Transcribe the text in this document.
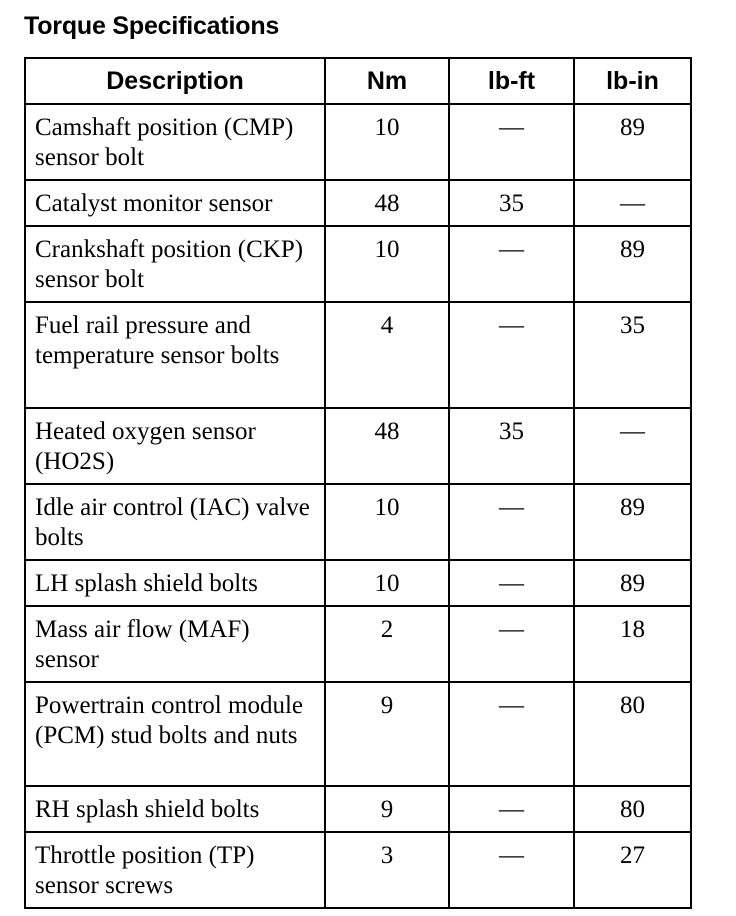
Torque Specifications
Description	Nm	lb-ft	lb-in
Camshaft position (CMP) sensor bolt	10	—	89
Catalyst monitor sensor	48	35	—
Crankshaft position (CKP) sensor bolt	10	—	89
Fuel rail pressure and temperature sensor bolts	4	—	35
Heated oxygen sensor (HO2S)	48	35	—
Idle air control (IAC) valve bolts	10	—	89
LH splash shield bolts	10	—	89
Mass air flow (MAF) sensor	2	—	18
Powertrain control module (PCM) stud bolts and nuts	9	—	80
RH splash shield bolts	9	—	80
Throttle position (TP) sensor screws	3	—	27
